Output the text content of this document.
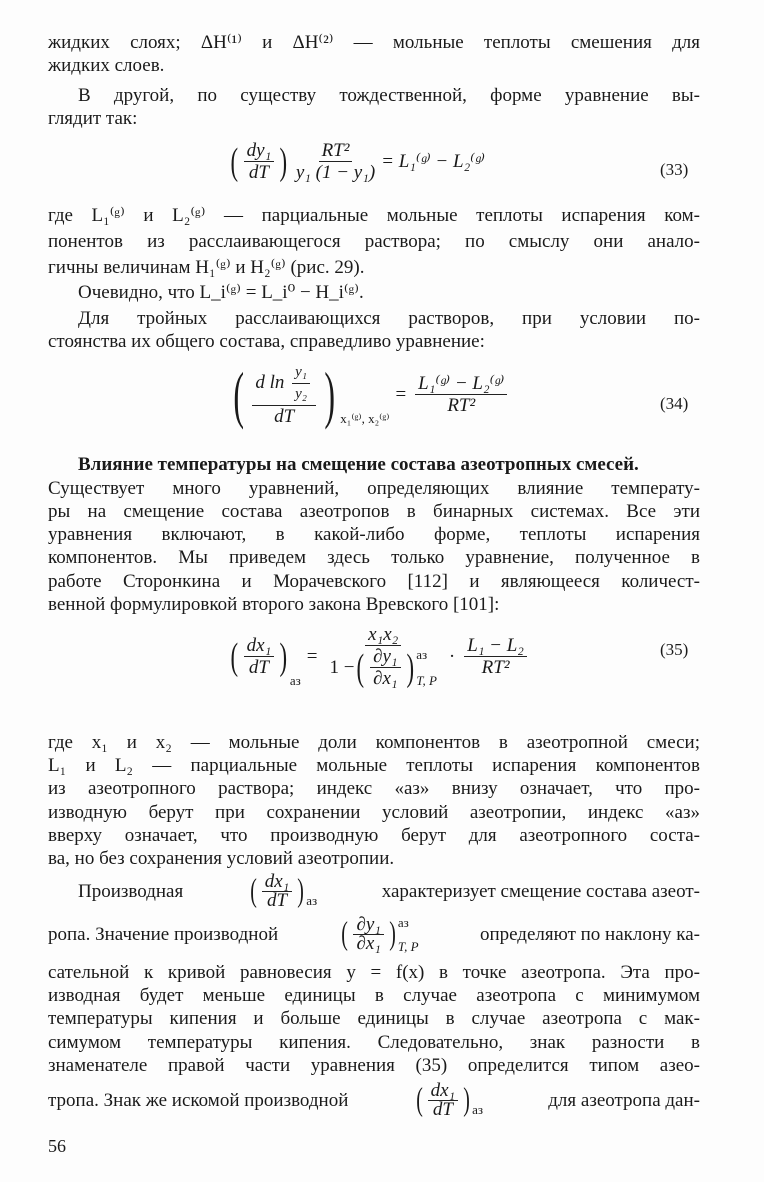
жидких слоях; ΔH⁽¹⁾ и ΔH⁽²⁾ — мольные теплоты смешения для
жидких слоев.
В другой, по существу тождественной, форме уравнение вы-
глядит так:
( $\frac{\text{dy₁}}{dT}$ ) $\frac{\text{RT²}}{\text{y₁ (1 − y₁)}}$ = L₁⁽ᵍ⁾ − L₂⁽ᵍ⁾	(33)
где L₁⁽ᵍ⁾ и L₂⁽ᵍ⁾ — парциальные мольные теплоты испарения ком-
понентов из расслаивающегося раствора; по смыслу они анало-
гичны величинам H₁⁽ᵍ⁾ и H₂⁽ᵍ⁾ (рис. 29).
Очевидно, что L_i⁽ᵍ⁾ = L_i⁰ − H_i⁽ᵍ⁾.
Для тройных расслаивающихся растворов, при условии по-
стоянства их общего состава, справедливо уравнение:
( $\frac{d \ln \frac{\text{y₁}}{\text{y₂}}}{dT}$ ) x₁⁽ᵍ⁾, x₂⁽ᵍ⁾
= $\frac{\text{L₁⁽ᵍ⁾ − L₂⁽ᵍ⁾}}{\text{RT²}}$	(34)
Влияние температуры на смещение состава азеотропных смесей.
Существует много уравнений, определяющих влияние температу-
ры на смещение состава азеотропов в бинарных системах. Все эти
уравнения включают, в какой-либо форме, теплоты испарения
компонентов. Мы приведем здесь только уравнение, полученное в
работе Сторонкина и Морачевского [112] и являющееся количест-
венной формулировкой второго закона Вревского [101]:
( $\frac{\text{dx₁}}{dT}$ )
аз
= x₁x₂
1 − ( $\frac{\text{∂y₁}}{\text{∂x₁}}$ ) аз
T, $P \cdot \frac{\text{L₁ − L₂}}{\text{RT²}}$	(35)
где x₁ и x₂ — мольные доли компонентов в азеотропной смеси;
L₁ и L₂ — парциальные мольные теплоты испарения компонентов
из азеотропного раствора; индекс «аз» внизу означает, что про-
изводную берут при сохранении условий азеотропии, индекс «аз»
вверху означает, что производную берут для азеотропного соста-
ва, но без сохранения условий азеотропии.
Производная ( $\frac{\text{dx₁}}{dT}$ ) аз	характеризует смещение состава азеот-
ропа. Значение производной ( $\frac{\text{∂y₁}}{\text{∂x₁}}$ ) аз
T, P
определяют по наклону ка-
сательной к кривой равновесия y = f(x) в точке азеотропа. Эта про-
изводная будет меньше единицы в случае азеотропа с минимумом
температуры кипения и больше единицы в случае азеотропа с мак-
симумом температуры кипения. Следовательно, знак разности в
знаменателе правой части уравнения (35) определится типом азео-
тропа. Знак же искомой производной ( $\frac{\text{dx₁}}{dT}$ ) аз	для азеотропа дан-
56
